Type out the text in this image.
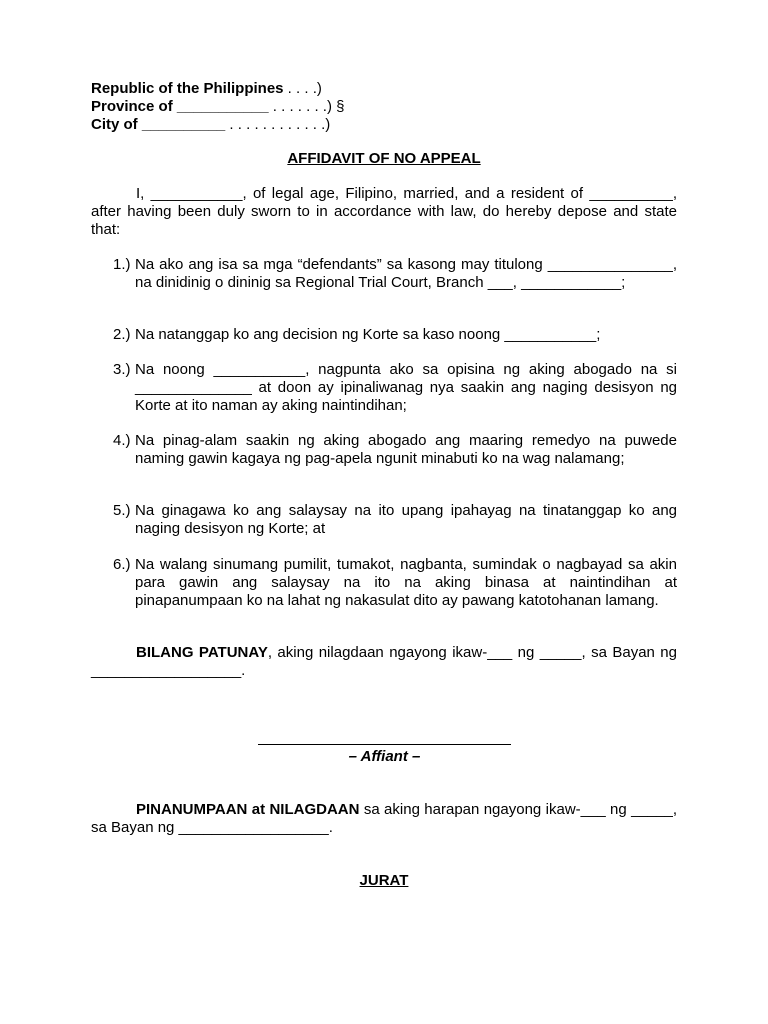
Republic of the Philippines . . . .)
Province of ___________ . . . . . . .) §
City of __________ . . . . . . . . . . . .)
AFFIDAVIT OF NO APPEAL
I, ___________, of legal age, Filipino, married, and a resident of __________, after having been duly sworn to in accordance with law, do hereby depose and state that:
1.) Na ako ang isa sa mga “defendants” sa kasong may titulong _______________, na dinidinig o dininig sa Regional Trial Court, Branch ___, ____________;
2.) Na natanggap ko ang decision ng Korte sa kaso noong ___________;
3.) Na noong ___________, nagpunta ako sa opisina ng aking abogado na si ______________ at doon ay ipinaliwanag nya saakin ang naging desisyon ng Korte at ito naman ay aking naintindihan;
4.) Na pinag-alam saakin ng aking abogado ang maaring remedyo na puwede naming gawin kagaya ng pag-apela ngunit minabuti ko na wag nalamang;
5.) Na ginagawa ko ang salaysay na ito upang ipahayag na tinatanggap ko ang naging desisyon ng Korte; at
6.) Na walang sinumang pumilit, tumakot, nagbanta, sumindak o nagbayad sa akin para gawin ang salaysay na ito na aking binasa at naintindihan at pinapanumpaan ko na lahat ng nakasulat dito ay pawang katotohanan lamang.
BILANG PATUNAY, aking nilagdaan ngayong ikaw-___ ng _____, sa Bayan ng __________________.
– Affiant –
PINANUMPAAN at NILAGDAAN sa aking harapan ngayong ikaw-___ ng _____, sa Bayan ng __________________.
JURAT
